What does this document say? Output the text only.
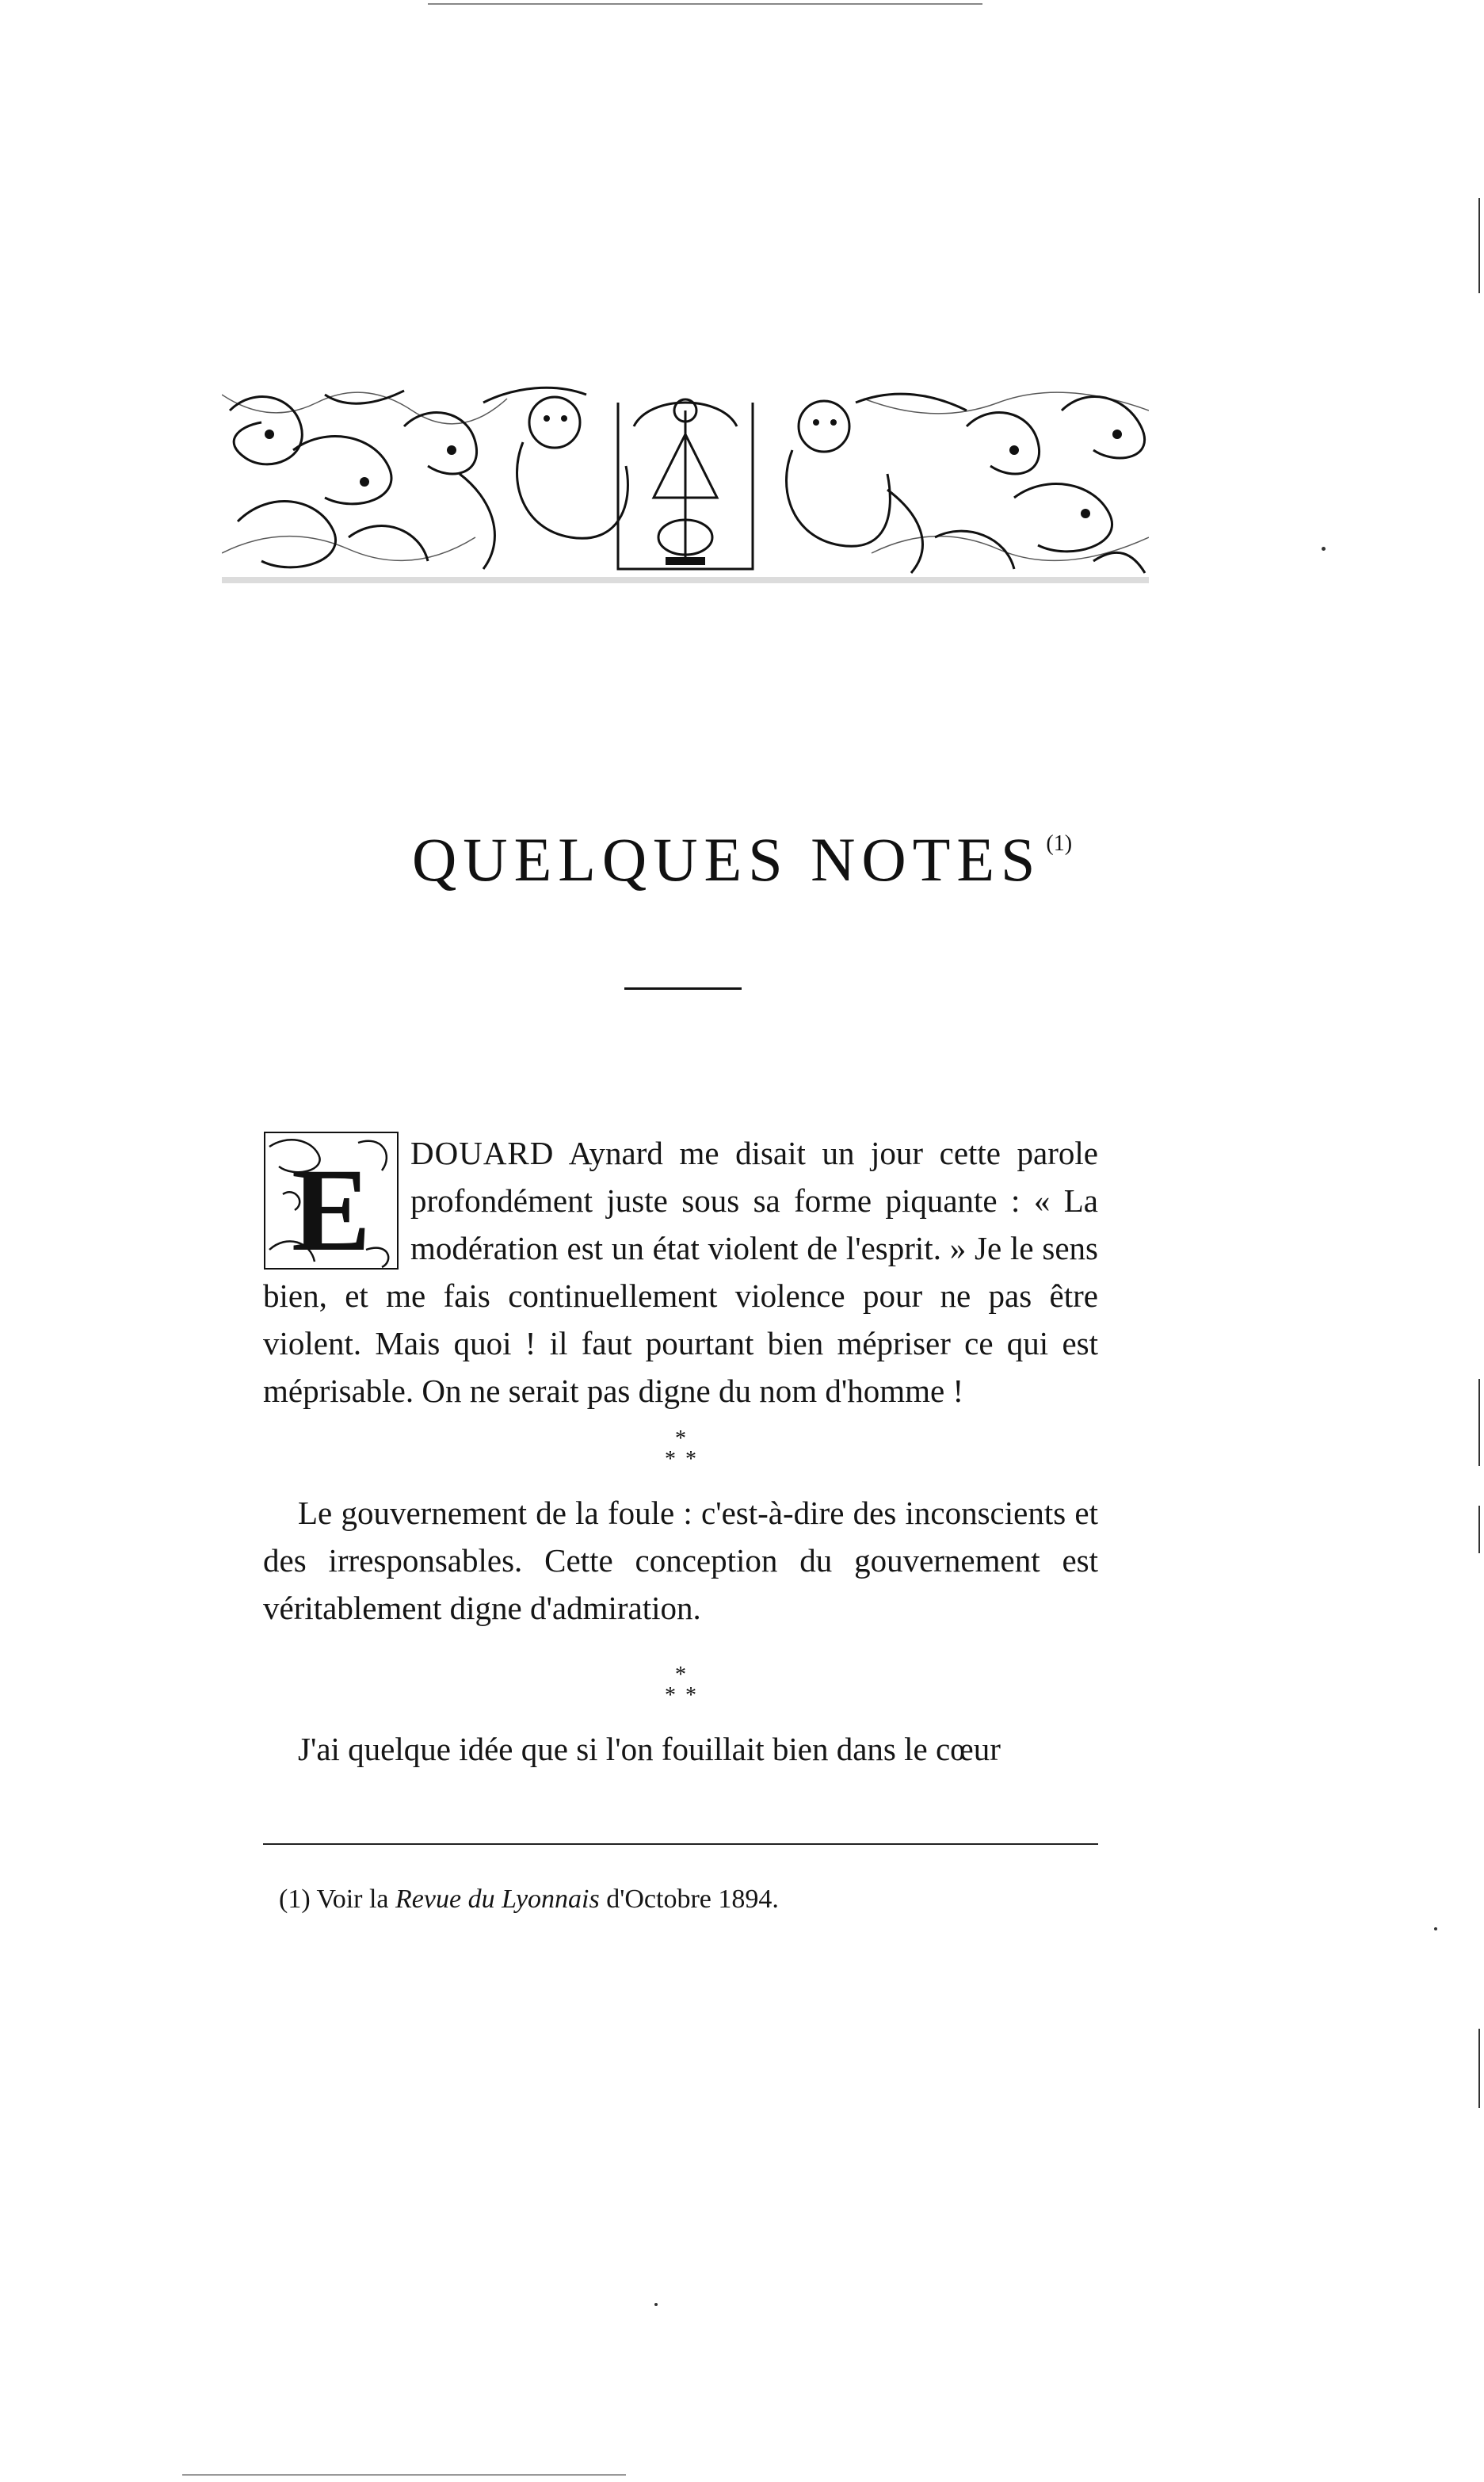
QUELQUES NOTES $^{(1)}$

E DOUARD Aynard me disait un jour cette parole profondément juste sous sa forme piquante : « La modération est un état violent de l'esprit. » Je le sens bien, et me fais continuellement violence pour ne pas être violent. Mais quoi ! il faut pourtant bien mépriser ce qui est méprisable. On ne serait pas digne du nom d'homme !

*
* *

Le gouvernement de la foule : c'est-à-dire des inconscients et des irresponsables. Cette conception du gouvernement est véritablement digne d'admiration.

*
* *

J'ai quelque idée que si l'on fouillait bien dans le cœur

(1) Voir la Revue du Lyonnais d'Octobre 1894.
